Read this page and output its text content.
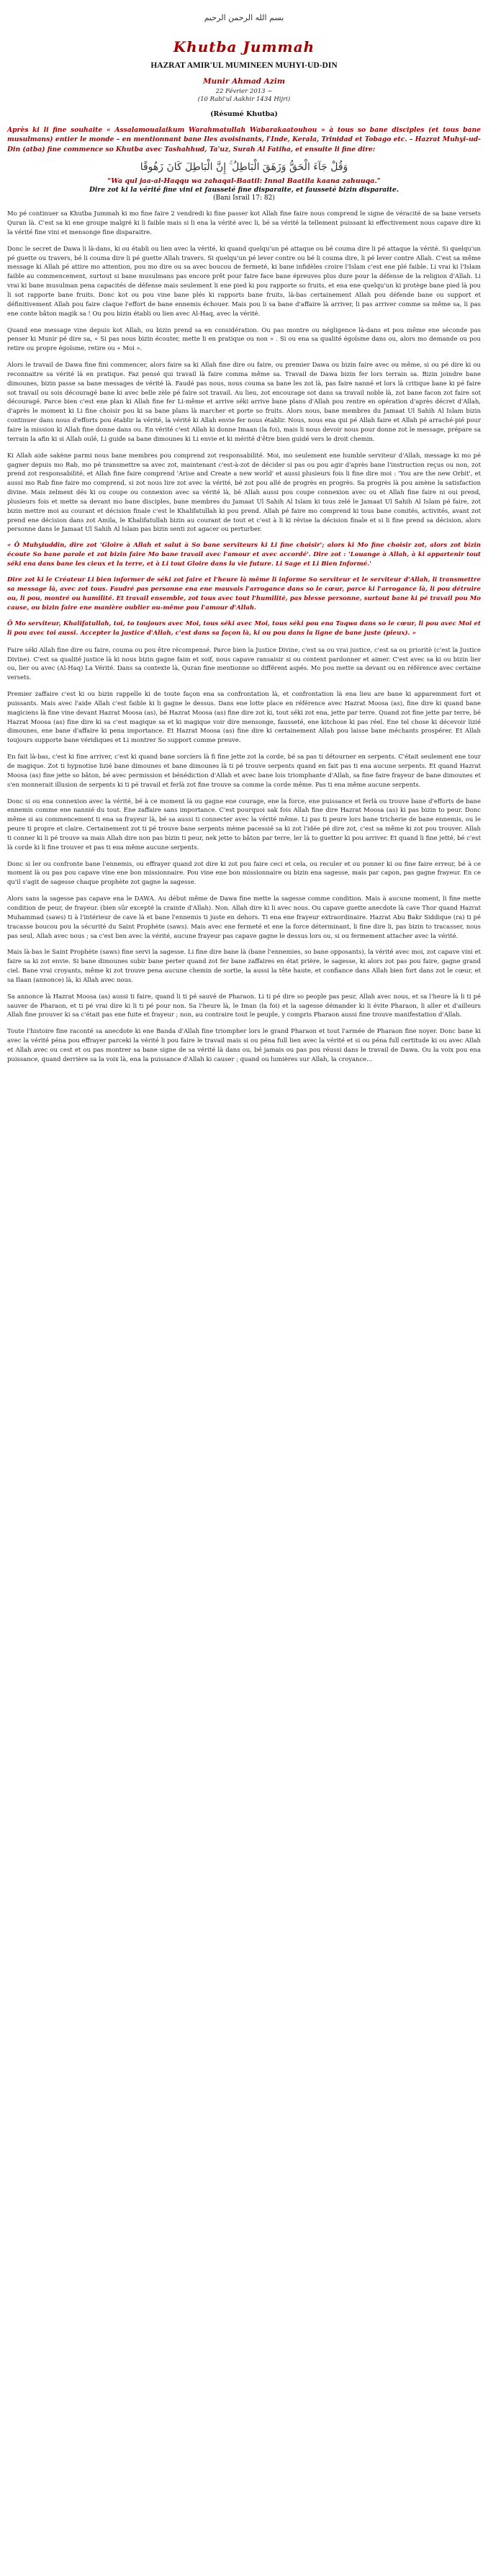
بسم الله الرحمن الرحيم
Khutba Jummah
HAZRAT AMIR'UL MUMINEEN MUHYI-UD-DIN
Munir Ahmad Azim
22 Février 2013 ~
(10 Rabi'ul Aakhir 1434 Hijri)
(Résumé Khutba)
Après ki li fine souhaite « Assalamoualaikum Warahmatullah Wabarakaatouhou » à tous so bane disciples (et tous bane musulmans) entier le monde – en mentionnant bane Iles avoisinants, l'Inde, Kerala, Trinidad et Tobago etc. – Hazrat Muhyi-ud-Din (atba) fine commence so Khutba avec Tashahhud, Ta'uz, Surah Al Fatiha, et ensuite li fine dire:
وَقُلْ جَآءَ الْحَقُّ وَزَهَقَ الْبَاطِلُ ۚ إِنَّ الْبَاطِلَ كَانَ زَهُوقًا
"Wa qul jaa-al-Haqqu wa zahaqal-Baatil: Innal Baatila kaana zahuuqa."
Dire zot ki la vérité fine vini et fausseté fine disparaite, et fausseté bizin disparaite.
(Bani Israil 17: 82)

Mo pé continuer sa Khutba Jummah ki mo fine faire 2 vendredi ki fine passer kot Allah fine faire nous comprend le signe de véracité de sa bane versets Quran là. C'est sa ki ene groupe malgré ki li faible mais si li ena la vérité avec li, bé sa vérité la tellement puissant ki effectivement nous capave dire ki la vérité fine vini et mensonge fine disparaitre.

Donc le secret de Dawa li là-dans, ki ou établi ou lien avec la vérité, ki quand quelqu'un pé attaque ou bé couma dire li pé attaque la vérité. Si quelqu'un pé guette ou travers, bé li couma dire li pé guette Allah travers. Si quelqu'un pé lever contre ou bé li couma dire, li pé lever contre Allah. C'est sa même message ki Allah pé attire mo attention, pou mo dire ou sa avec boucou de fermeté, ki bane infidèles croire l'Islam c'est ene plé faible. Li vrai ki l'Islam faible au commencement, surtout si bane musulmans pas encore prêt pour faire face bane épreuves plus dure pour la défense de la religion d'Allah. Li vrai ki bane musulman pena capacités de défense mais seulement li ene pied ki pou rapporte so fruits, et ena ene quelqu'un ki protège bane pied là pou li sot rapporte bane fruits. Donc kot ou pou vine bane plés ki rapports bane fruits, là-bas certainement Allah pou défende bane ou support et définitivement Allah pou faire claque l'effort de bane ennemis échouer. Mais pou li sa bane d'affaire là arriver, li pas arriver comme sa même sa, li pas ene conte bâton magik sa ! Ou pou bizin établi ou lien avec Al-Haq, avec la vérité.

Quand ene message vine depuis kot Allah, ou bizin prend sa en considération. Ou pas montre ou négligence là-dans et pou même ene séconde pas penser ki Munir pé dire sa, « Si pas nous bizin écouter, mette li en pratique ou non » . Si ou ena sa qualité égoïsme dans ou, alors mo demande ou pou retire ou propre égoïsme, retire ou « Moi ».

Alors le travail de Dawa fine fini commencer, alors faire sa ki Allah fine dire ou faire, ou premier Dawa ou bizin faire avec ou même, si ou pé dire ki ou reconnaitre sa vérité là en pratique. Faz pensé qui travail là faire comma même sa. Travail de Dawa bizin fer lors terrain sa. Bizin joindre bane dimounes, bizin passe sa bane messages de vérité là. Faudé pas nous, nous couma sa bane les zot là, pas faire nanné et lors là critique bane ki pé faire sot travail ou sois découragé bane ki avec belle zèle pé faire sot travail. Au lieu, zot encourage sot dans sa travail noble là, zot bane facon zot faire sot découragé. Parce bien c'est ene plan ki Allah fine fer Li-même et arrive séki arrive bane plans d'Allah pou rentre en opération d'après décret d'Allah, d'après le moment ki Li fine choisir pou ki sa bane plans là marcher et porte so fruits. Alors nous, bane membres du Jamaat Ul Sahih Al Islam bizin continuer dans nous d'efforts pou établir la vérité, la vérité ki Allah envie fer nous établir. Nous, nous ena qui pé Allah faire et Allah pé arraché-pié pour faire la mission ki Allah fine donne dans ou. En vérité c'est Allah ki donne Imaan (la foi), mais li nous devoir nous pour donne zot le message, prépare sa terrain la afin ki si Allah oulé, Li guide sa bane dimounes ki Li envie et ki mérité d'être bien guidé vers le droit chemin.

Ki Allah aide sakène parmi nous bane membres pou comprend zot responsabilité. Moi, mo seulement ene humble serviteur d'Allah, message ki mo pé gagner depuis mo Rab, mo pé transmettre sa avec zot, maintenant c'est-à-zot de décider si pas ou pou agir d'après bane l'instruction reçus ou non, zot prend zot responsabilité, et Allah fine faire comprend 'Arise and Create a new world' et aussi plusieurs fois li fine dire moi : 'You are the new Orbit', et aussi mo Rab fine faire mo comprend, si zot nous lire zot avec la vérité, bé zot pou allé de progrès en progrès. Sa progrès là pou amène la satisfaction divine. Mais zelment dés ki ou coupe ou connexion avec sa vérité là, bé Allah aussi pou coupe connexion avec ou et Allah fine faire ni oui prend, plusieurs fois et mette sa devant mo bane disciples, bane membres du Jamaat Ul Sahih Al Islam ki tous zelé le Jamaat Ul Sahih Al Islam pé faire, zot bizin mettre moi au courant et décision finale c'est le Khalifatullah ki pou prend. Allah pé faire mo comprend ki tous bane comités, activités, avant zot prend ene décision dans zot Amila, le Khalifatullah bizin au courant de tout et c'est à li ki révise la décision finale et si li fine prend sa décision, alors personne dans le Jamaat Ul Sahih Al Islam pas bizin senti zot agacer ou perturber.

« Ô Muhyiuddin, dire zot 'Gloire à Allah et salut à So bane serviteurs ki Li fine choisir'; alors ki Mo fine choisir zot, alors zot bizin écoute So bane parole et zot bizin faire Mo bane travail avec l'amour et avec accordé'. Dire zot : 'Louange à Allah, à ki appartenir tout séki ena dans bane les cieux et la terre, et à Li tout Gloire dans la vie future. Li Sage et Li Bien Informé.'

Dire zot ki le Créateur Li bien informer de séki zot faire et l'heure là même li informe So serviteur et le serviteur d'Allah, li transmettre sa message là, avec zot tous. Faudré pas personne ena ene mauvais l'arrogance dans so le cœur, parce ki l'arrogance là, li pou détruire ou, li pou, montré ou humilité. Et travail ensemble, zot tous avec tout l'humilité, pas blesse personne, surtout bane ki pé travail pou Mo cause, ou bizin faire ene manière oublier ou-même pou l'amour d'Allah.

Ô Mo serviteur, Khalifatullah, toi, to toujours avec Moi, tous séki avec Moi, tous séki pou ena Taqwa dans so le cœur, li pou avec Moi et li pou avec toi aussi. Accepter la justice d'Allah, c'est dans sa façon là, ki ou pou dans la ligne de bane juste (pieux). »

Faire séki Allah fine dire ou faire, couma ou pou être récompensé. Parce bien la Justice Divine, c'est sa ou vrai justice, c'est sa ou prioritè (c'est la Justice Divine). C'est sa qualité justice là ki nous bizin gagne faim et soif, nous capave ransaisir si ou content pardonner et aimer. C'est avec sa ki ou bizin lier ou, lier ou avec (Al-Haq) La Vérité. Dans sa contexte là, Quran fine mentionne so différent aspés. Mo pou mette sa devant ou en référence avec certaine versets.

Premier zaffaire c'est ki ou bizin rappelle ki de toute façon ena sa confrontation là, et confrontation là ena lieu are bane ki apparemment fort et puissants. Mais avec l'aide Allah c'est faible ki li gagne le dessus. Dans ene lotte place en référence avec Hazrat Moosa (as), fine dire ki quand bane magiciens là fine vine devant Hazrat Moosa (as), bé Hazrat Moosa (as) fine dire zot ki, tout séki zot ena, jette par terre. Quand zot fine jette par terre, bé Hazrat Moosa (as) fine dire ki sa c'est magique sa et ki magique voir dire mensonge, fausseté, ene kitchose ki pas réel. Ene tel chose ki décevoir lizié dimounes, ene bane d'affaire ki pena importance. Et Hazrat Moosa (as) fine dire ki certainement Allah pou laisse bane méchants prospérer. Et Allah toujours supporte bane véridiques et Li montrer So support comme preuve.

En fait là-bas, c'est ki fine arriver, c'est ki quand bane sorciers là fi fine jette zot la corde, bé sa pas ti détourner en serpents. C'était seulement ene tour de magique. Zot ti hypnotise lizié bane dimounes et bane dimounes là ti pé trouve serpents quand en fait pas ti ena aucune serpents. Et quand Hazrat Moosa (as) fine jette so bâton, bé avec permission et bénédiction d'Allah et avec bane lois triomphante d'Allah, sa fine faire frayeur de bane dimounes et s'en monnerait illusion de serpents ki ti pé travail et ferlà zot fine trouve sa comme la corde même. Pas ti ena même aucune serpents.

Donc si ou ena connexion avec la vérité, bé à ce moment là ou gagne ene courage, ene la force, ene puissance et ferlà ou trouve bane d'efforts de bane ennemis comme ene nannié du tout. Ene zaffaire sans importance. C'est pourquoi sak fois Allah fine dire Hazrat Moosa (as) ki pas bizin to peur. Donc même si au commencement ti ena sa frayeur là, bé sa aussi ti connecter avec la vérité même. Li pas ti peure lors bane tricherie de bane ennemis, ou le peure ti propre et claire. Certainement zot ti pé trouve bane serpents mème pacessié sa ki zot l'idée pé dire zot, c'est sa même ki zot pou trouver. Allah ti conner ki li pé trouve sa mais Allah dire non pas bizin ti peur, nek jette to bâton par terre, ler là to guetter ki pou arriver. Et quand li fine jetté, bé c'est là corde ki li fine trouver et pas ti ena même aucune serpents.

Donc si ler ou confronte bane l'ennemis, ou effrayer quand zot dire ki zot pou faire ceci et cela, ou reculer et ou ponner ki ou fine faire erreur, bé à ce moment là ou pas pou capave vine ene bon missionnaire. Pou vine ene bon missionnaire ou bizin ena sagesse, mais par capon, pas gagne frayeur. En ce qu'il s'agit de sagesse chaque prophète zot gagne la sagesse.

Alors sans la sagesse pas capave ena le DAWA. Au début même de Dawa fine mette la sagesse comme condition. Mais à aucune moment, li fine mette condition de peur, de frayeur. (bien sûr excepté la crainte d'Allah). Non. Allah dire ki li avec nous. Ou capave guette anecdote là cave Thor quand Hazrat Muhammad (saws) ti à l'intérieur de cave là et bane l'ennemis ti juste en dehors. Ti ena ene frayeur extraordinaire. Hazrat Abu Bakr Siddique (ra) ti pé tracasse boucou pou la sécurité du Saint Prophète (saws). Mais avec ene fermeté et ene la force déterminant, li fine dire li, pas bizin to tracasser, nous pas seul, Allah avec nous ; sa c'est lien avec la vérité, aucune frayeur pas capave gagne le dessus lors ou, si ou fermement attacher avec la vérité.

Mais là-bas le Saint Prophète (saws) fine servi la sagesse. Li fine dire bane là (bane l'ennemies, so bane opposants), la vérité avec moi, zot capave vini et faire sa ki zot envie. Si bane dimounes subir bane perter quand zot fer bane zaffaires en état prière, le sagesse, ki alors zot pas pou faire, gagne grand ciel. Bane vrai croyants, même ki zot trouve pena aucune chemin de sortie, la aussi la tête haute, et confiance dans Allah bien fort dans zot le cœur, et sa Ilaan (annonce) là, ki Allah avec nous.

Sa annonce là Hazrat Moosa (as) aussi ti faire, quand li ti pé sauvé de Pharaon. Li ti pé dire so people pas peur, Allah avec nous, et sa l'heure là li ti pé sauver de Pharaon, et ti pé vrai dire ki li ti pé pour non. Sa l'heure là, le Iman (la foi) et la sagesse démander ki li évite Pharaon, li aller et d'ailleurs Allah fine prouver ki sa c'était pas ene fuite et frayeur ; non, au contraire tout le peuple, y compris Pharaon aussi fine trouve manifestation d'Allah.

Toute l'histoire fine raconté sa anecdote ki ene Banda d'Allah fine triompher lors le grand Pharaon et tout l'armée de Pharaon fine noyer. Donc bane ki avec la vérité péna pou effrayer parceki la vérité li pou faire le travail mais si ou péna full lien avec la vérité et si ou péna full certitude ki ou avec Allah et Allah avec ou cest et ou pas montrer sa bane signe de sa vérité là dans ou, bé jamais ou pas pou réussi dans le travail de Dawa. Ou la voix pou ena puissance, quand derrière sa la voix là, ena la puissance d'Allah ki causer ; quand ou lumières sur Allah, la croyance...
